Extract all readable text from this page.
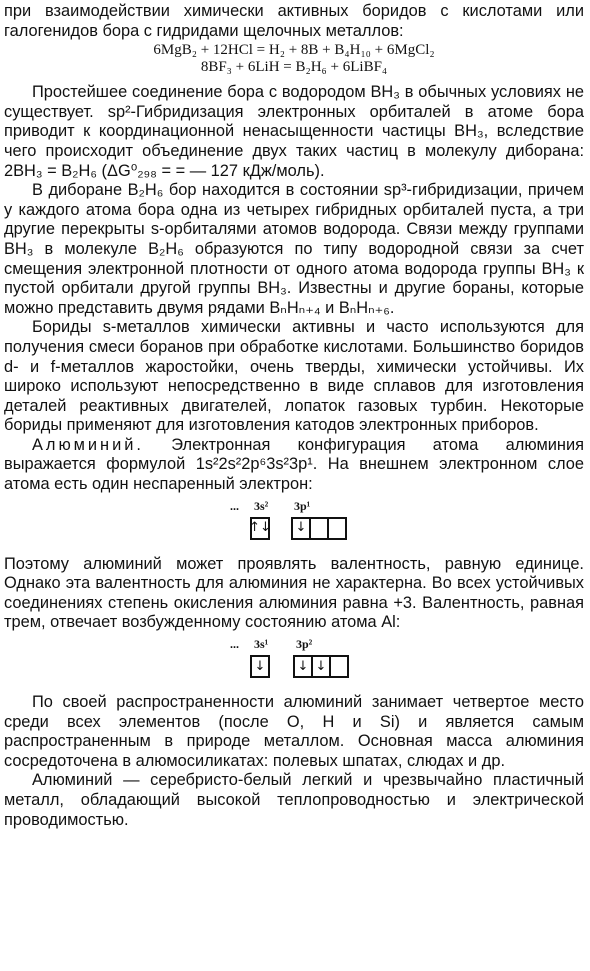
при взаимодействии химически активных боридов с кислотами или галогенидов бора с гидридами щелочных металлов:

6MgB₂ + 12HCl = H₂ + 8B + B₄H₁₀ + 6MgCl₂
8BF₃ + 6LiH = B₂H₆ + 6LiBF₄

Простейшее соединение бора с водородом BH₃ в обычных условиях не существует. sp²-Гибридизация электронных орбиталей в атоме бора приводит к координационной ненасыщенности частицы BH₃, вследствие чего происходит объединение двух таких частиц в молекулу диборана: 2BH₃ = B₂H₆ (ΔG⁰₂₉₈ = = — 127 кДж/моль).

В диборане B₂H₆ бор находится в состоянии sp³-гибридизации, причем у каждого атома бора одна из четырех гибридных орбиталей пуста, а три другие перекрыты s-орбиталями атомов водорода. Связи между группами BH₃ в молекуле B₂H₆ образуются по типу водородной связи за счет смещения электронной плотности от одного атома водорода группы BH₃ к пустой орбитали другой группы BH₃. Известны и другие бораны, которые можно представить двумя рядами BₙHₙ₊₄ и BₙHₙ₊₆.

Бориды s-металлов химически активны и часто используются для получения смеси боранов при обработке кислотами. Большинство боридов d- и f-металлов жаростойки, очень тверды, химически устойчивы. Их широко используют непосредственно в виде сплавов для изготовления деталей реактивных двигателей, лопаток газовых турбин. Некоторые бориды применяют для изготовления катодов электронных приборов.

Алюминий. Электронная конфигурация атома алюминия выражается формулой 1s²2s²2p⁶3s²3p¹. На внешнем электронном слое атома есть один неспаренный электрон:

... 3s² 3p¹
↑↓	↓

Поэтому алюминий может проявлять валентность, равную единице. Однако эта валентность для алюминия не характерна. Во всех устойчивых соединениях степень окисления алюминия равна +3. Валентность, равная трем, отвечает возбужденному состоянию атома Al:

... 3s¹ 3p²
↓	↓ ↓

По своей распространенности алюминий занимает четвертое место среди всех элементов (после O, H и Si) и является самым распространенным в природе металлом. Основная масса алюминия сосредоточена в алюмосиликатах: полевых шпатах, слюдах и др.

Алюминий — серебристо-белый легкий и чрезвычайно пластичный металл, обладающий высокой теплопроводностью и электрической проводимостью.
